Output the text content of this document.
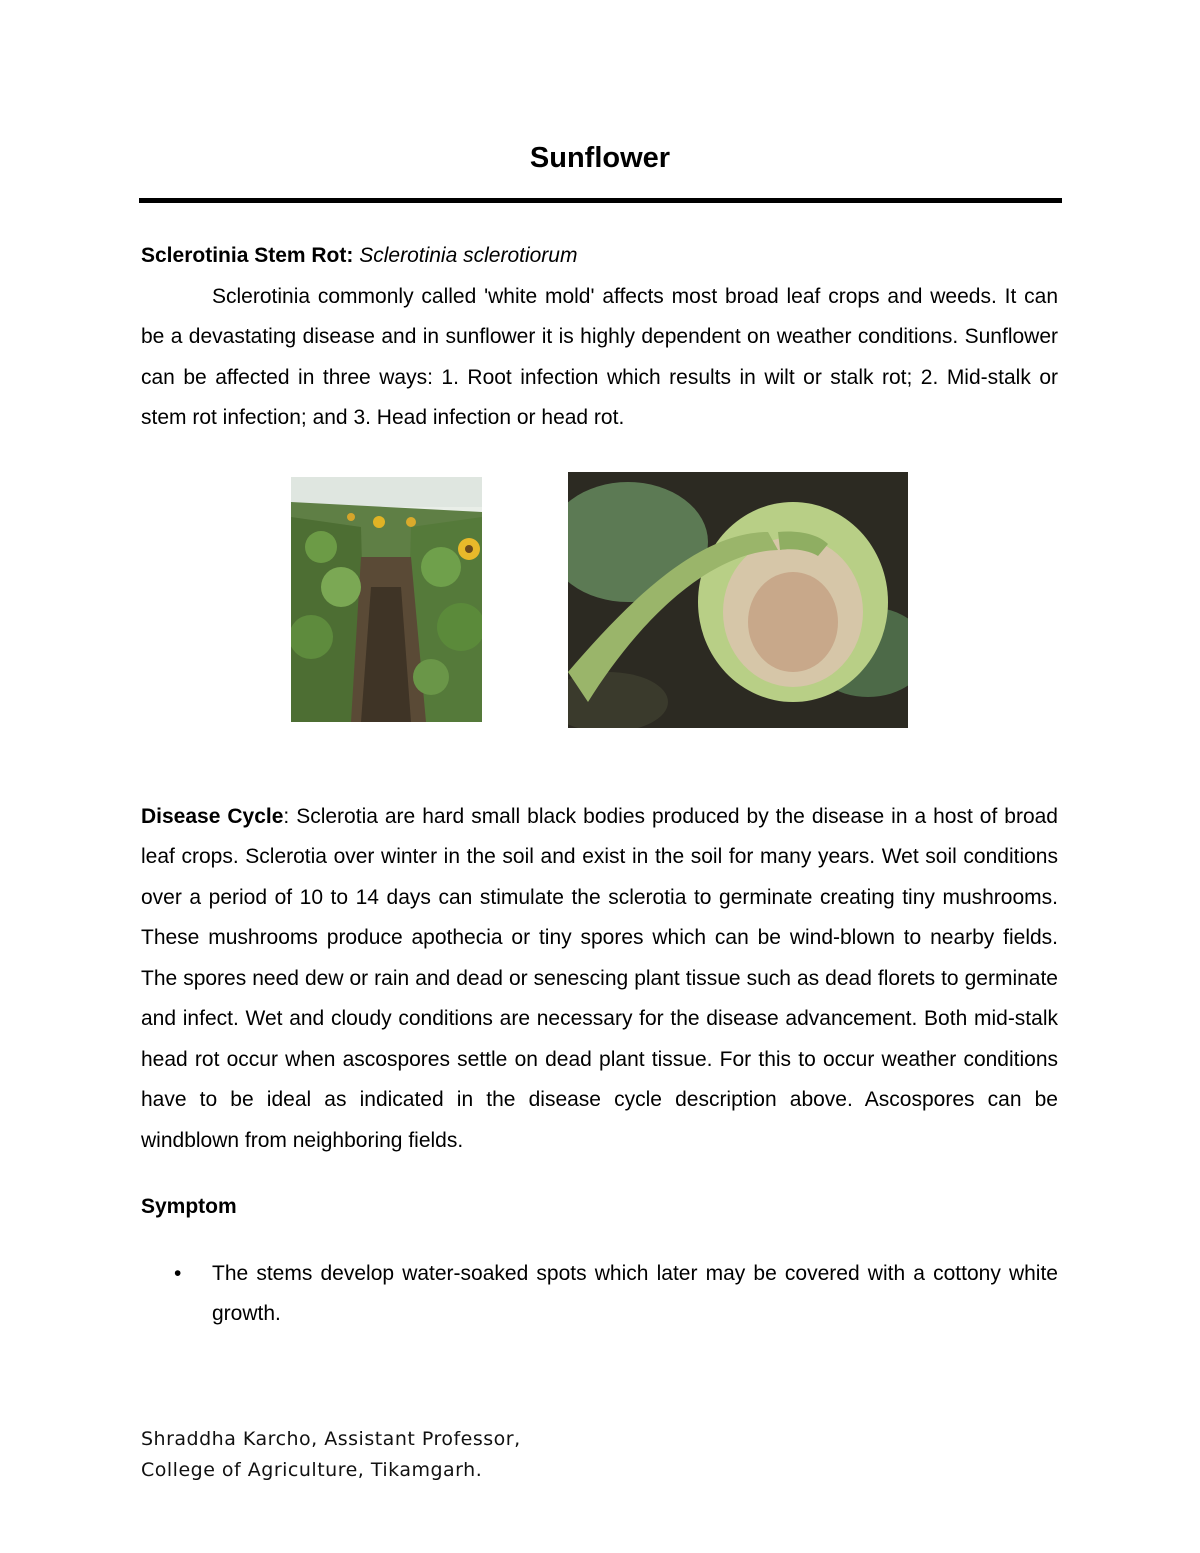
Sunflower

Sclerotinia Stem Rot: Sclerotinia sclerotiorum

Sclerotinia commonly called 'white mold' affects most broad leaf crops and weeds. It can be a devastating disease and in sunflower it is highly dependent on weather conditions. Sunflower can be affected in three ways: 1. Root infection which results in wilt or stalk rot; 2. Mid-stalk or stem rot infection; and 3. Head infection or head rot.

Disease Cycle: Sclerotia are hard small black bodies produced by the disease in a host of broad leaf crops. Sclerotia over winter in the soil and exist in the soil for many years. Wet soil conditions over a period of 10 to 14 days can stimulate the sclerotia to germinate creating tiny mushrooms. These mushrooms produce apothecia or tiny spores which can be wind-blown to nearby fields. The spores need dew or rain and dead or senescing plant tissue such as dead florets to germinate and infect. Wet and cloudy conditions are necessary for the disease advancement. Both mid-stalk head rot occur when ascospores settle on dead plant tissue. For this to occur weather conditions have to be ideal as indicated in the disease cycle description above. Ascospores can be windblown from neighboring fields.

Symptom

• The stems develop water-soaked spots which later may be covered with a cottony white growth.
Shraddha Karcho, Assistant Professor,
College of Agriculture, Tikamgarh.
